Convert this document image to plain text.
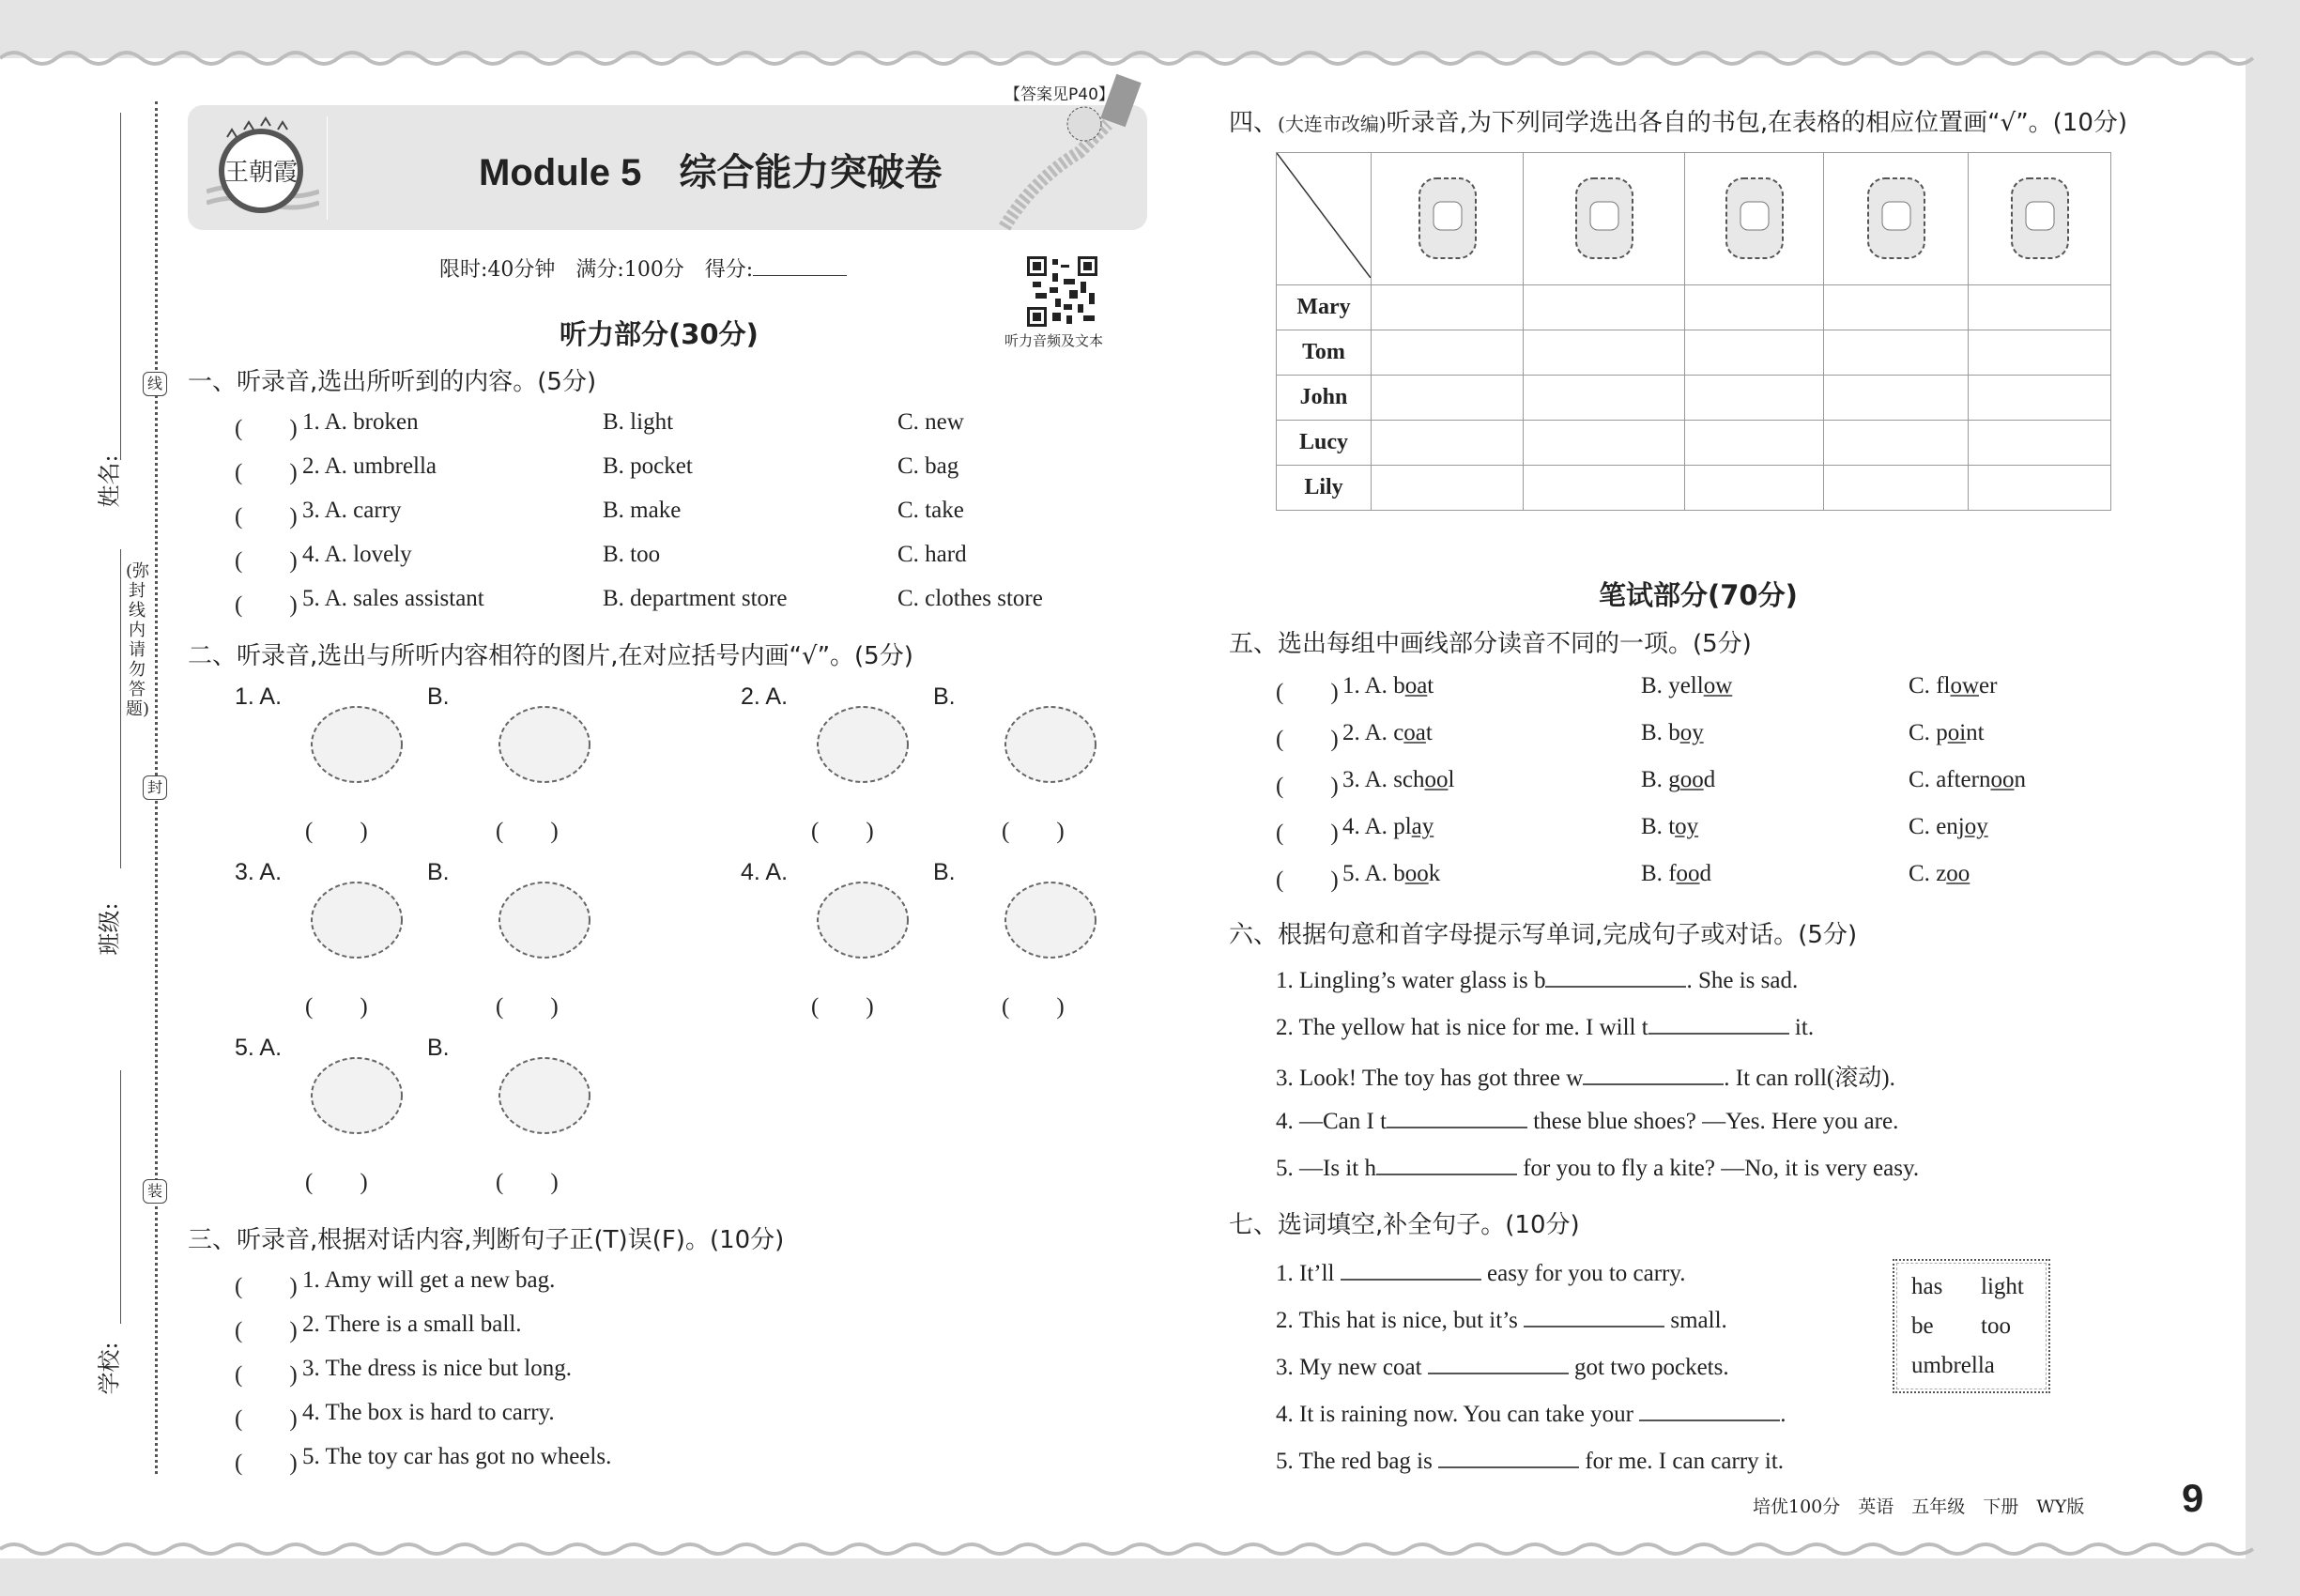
姓名:
班级:
学校:
线
封
装
(弥封线内请勿答题)
王朝霞	Module 5　综合能力突破卷
【答案见P40】
限时:40分钟　满分:100分　得分:
听力音频及文本
听力部分(30分)
一、听录音,选出所听到的内容。(5分)
(　　) 1. A. broken	B. light	C. new
(　　) 2. A. umbrella	B. pocket	C. bag
(　　) 3. A. carry	B. make	C. take
(　　) 4. A. lovely	B. too	C. hard
(　　) 5. A. sales assistant	B. department store	C. clothes store
二、听录音,选出与所听内容相符的图片,在对应括号内画“√”。(5分)
1. A.	B.
(　　)	(　　)
2. A.	B.
(　　)	(　　)
3. A.	B.
(　　)	(　　)
4. A.	B.
(　　)	(　　)
5. A.	B.
(　　)	(　　)
三、听录音,根据对话内容,判断句子正(T)误(F)。(10分)
(　　) 1. Amy will get a new bag.
(　　) 2. There is a small ball.
(　　) 3. The dress is nice but long.
(　　) 4. The box is hard to carry.
(　　) 5. The toy car has got no wheels.
四、(大连市改编)听录音,为下列同学选出各自的书包,在表格的相应位置画“√”。(10分)

Mary					
Tom					
John					
Lucy					
Lily					
笔试部分(70分)
五、选出每组中画线部分读音不同的一项。(5分)
(　　) 1. A. boat	B. yellow	C. flower
(　　) 2. A. coat	B. boy	C. point
(　　) 3. A. school	B. good	C. afternoon
(　　) 4. A. play	B. toy	C. enjoy
(　　) 5. A. book	B. food	C. zoo
六、根据句意和首字母提示写单词,完成句子或对话。(5分)
1. Lingling’s water glass is b	. She is sad.
2. The yellow hat is nice for me. I will t	it.
3. Look! The toy has got three w	. It can roll(滚动).
4. —Can I t	these blue shoes? —Yes. Here you are.
5. —Is it h	for you to fly a kite? —No, it is very easy.
七、选词填空,补全句子。(10分)
1. It’ll	easy for you to carry.
2. This hat is nice, but it’s	small.
3. My new coat	got two pockets.
4. It is raining now. You can take your	.
5. The red bag is	for me. I can carry it.
has light
be too
umbrella
培优100分　英语　五年级　下册　WY版 9
